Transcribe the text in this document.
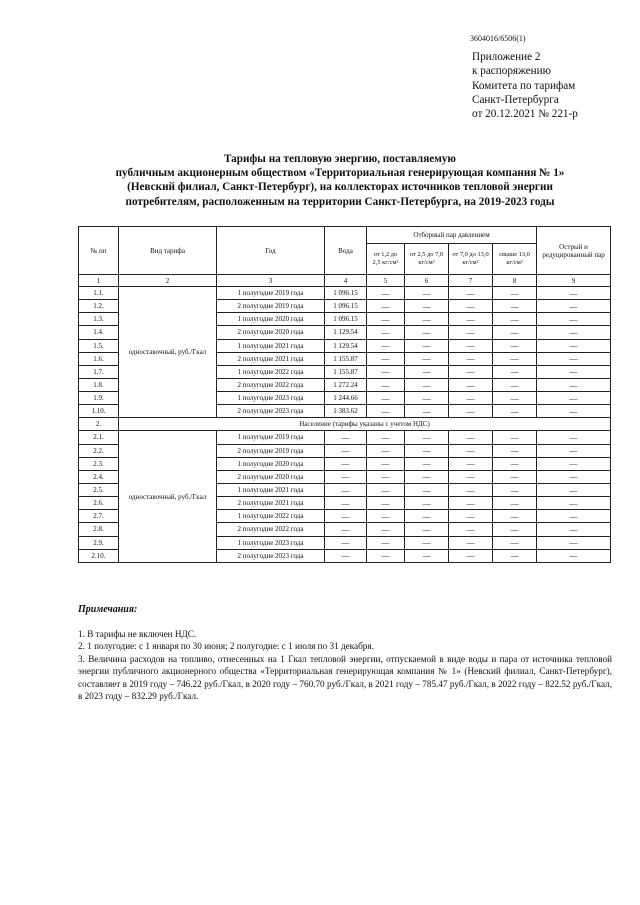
3604016/6506(1)
Приложение 2
к распоряжению
Комитета по тарифам
Санкт-Петербурга
от 20.12.2021 № 221-р
Тарифы на тепловую энергию, поставляемую
публичным акционерным обществом «Территориальная генерирующая компания № 1»
(Невский филиал, Санкт-Петербург), на коллекторах источников тепловой энергии
потребителям, расположенным на территории Санкт-Петербурга, на 2019-2023 годы
№ пп	Вид тарифа	Год	Вода	Отборный пар давлением				Острый и редуцированный пар
				от 1,2 до 2,5 кг/см²	от 2,5 до 7,0 кг/см²	от 7,0 до 13,0 кг/см²	свыше 13,0 кг/см²	
1	2	3	4	5	6	7	8	9
1.1.	одноставочный, руб./Гкал	1 полугодие 2019 года	1 096.15	—	—	—	—	—
1.2.		2 полугодие 2019 года	1 096.15	—	—	—	—	—
1.3.		1 полугодие 2020 года	1 096.15	—	—	—	—	—
1.4.		2 полугодие 2020 года	1 129.54	—	—	—	—	—
1.5.		1 полугодие 2021 года	1 129.54	—	—	—	—	—
1.6.		2 полугодие 2021 года	1 155.87	—	—	—	—	—
1.7.		1 полугодие 2022 года	1 155.87	—	—	—	—	—
1.8.		2 полугодие 2022 года	1 272.24	—	—	—	—	—
1.9.		1 полугодие 2023 года	1 244.66	—	—	—	—	—
1.10.		2 полугодие 2023 года	1 383.62	—	—	—	—	—
2.	Население (тарифы указаны с учетом НДС)							
2.1.	одноставочный, руб./Гкал	1 полугодие 2019 года	—	—	—	—	—	—
2.2.		2 полугодие 2019 года	—	—	—	—	—	—
2.3.		1 полугодие 2020 года	—	—	—	—	—	—
2.4.		2 полугодие 2020 года	—	—	—	—	—	—
2.5.		1 полугодие 2021 года	—	—	—	—	—	—
2.6.		2 полугодие 2021 года	—	—	—	—	—	—
2.7.		1 полугодие 2022 года	—	—	—	—	—	—
2.8.		2 полугодие 2022 года	—	—	—	—	—	—
2.9.		1 полугодие 2023 года	—	—	—	—	—	—
2.10.		2 полугодие 2023 года	—	—	—	—	—	—
Примечания:
1. В тарифы не включен НДС.
2. 1 полугодие: с 1 января по 30 июня; 2 полугодие: с 1 июля по 31 декабря.
3. Величина расходов на топливо, отнесенных на 1 Гкал тепловой энергии, отпускаемой в виде воды и пара от источника тепловой энергии публичного акционерного общества «Территориальная генерирующая компания № 1» (Невский филиал, Санкт-Петербург), составляет в 2019 году – 746.22 руб./Гкал, в 2020 году – 760.70 руб./Гкал, в 2021 году – 785.47 руб./Гкал, в 2022 году – 822.52 руб./Гкал, в 2023 году – 832.29 руб./Гкал.
